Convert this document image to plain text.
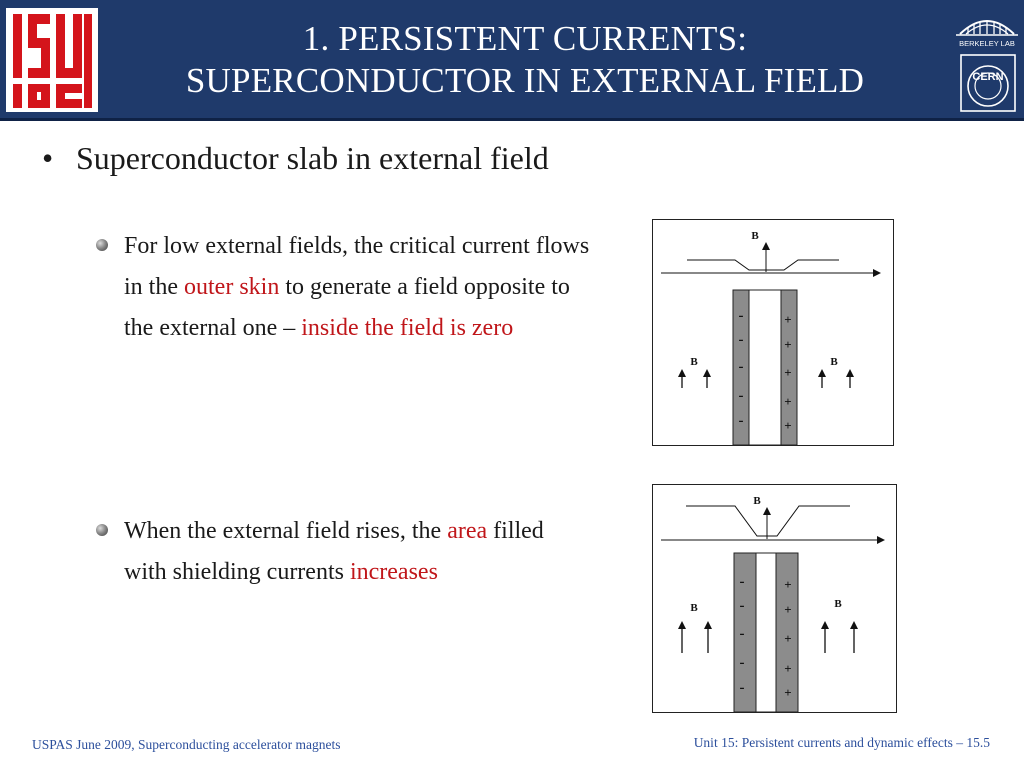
1. PERSISTENT CURRENTS:
SUPERCONDUCTOR IN EXTERNAL FIELD
BERKELEY LAB
CERN
• Superconductor slab in external field
For low external fields, the critical current flows in the outer skin to generate a field opposite to the external one – inside the field is zero
When the external field rises, the area filled with shielding currents increases
B
-
-
-
-
-
+
+
+
+
+
B	B
B
-
-
-
-
-
+
+
+
+
+
B	B
USPAS June 2009, Superconducting accelerator magnets	Unit 15: Persistent currents and dynamic effects – 15.5
